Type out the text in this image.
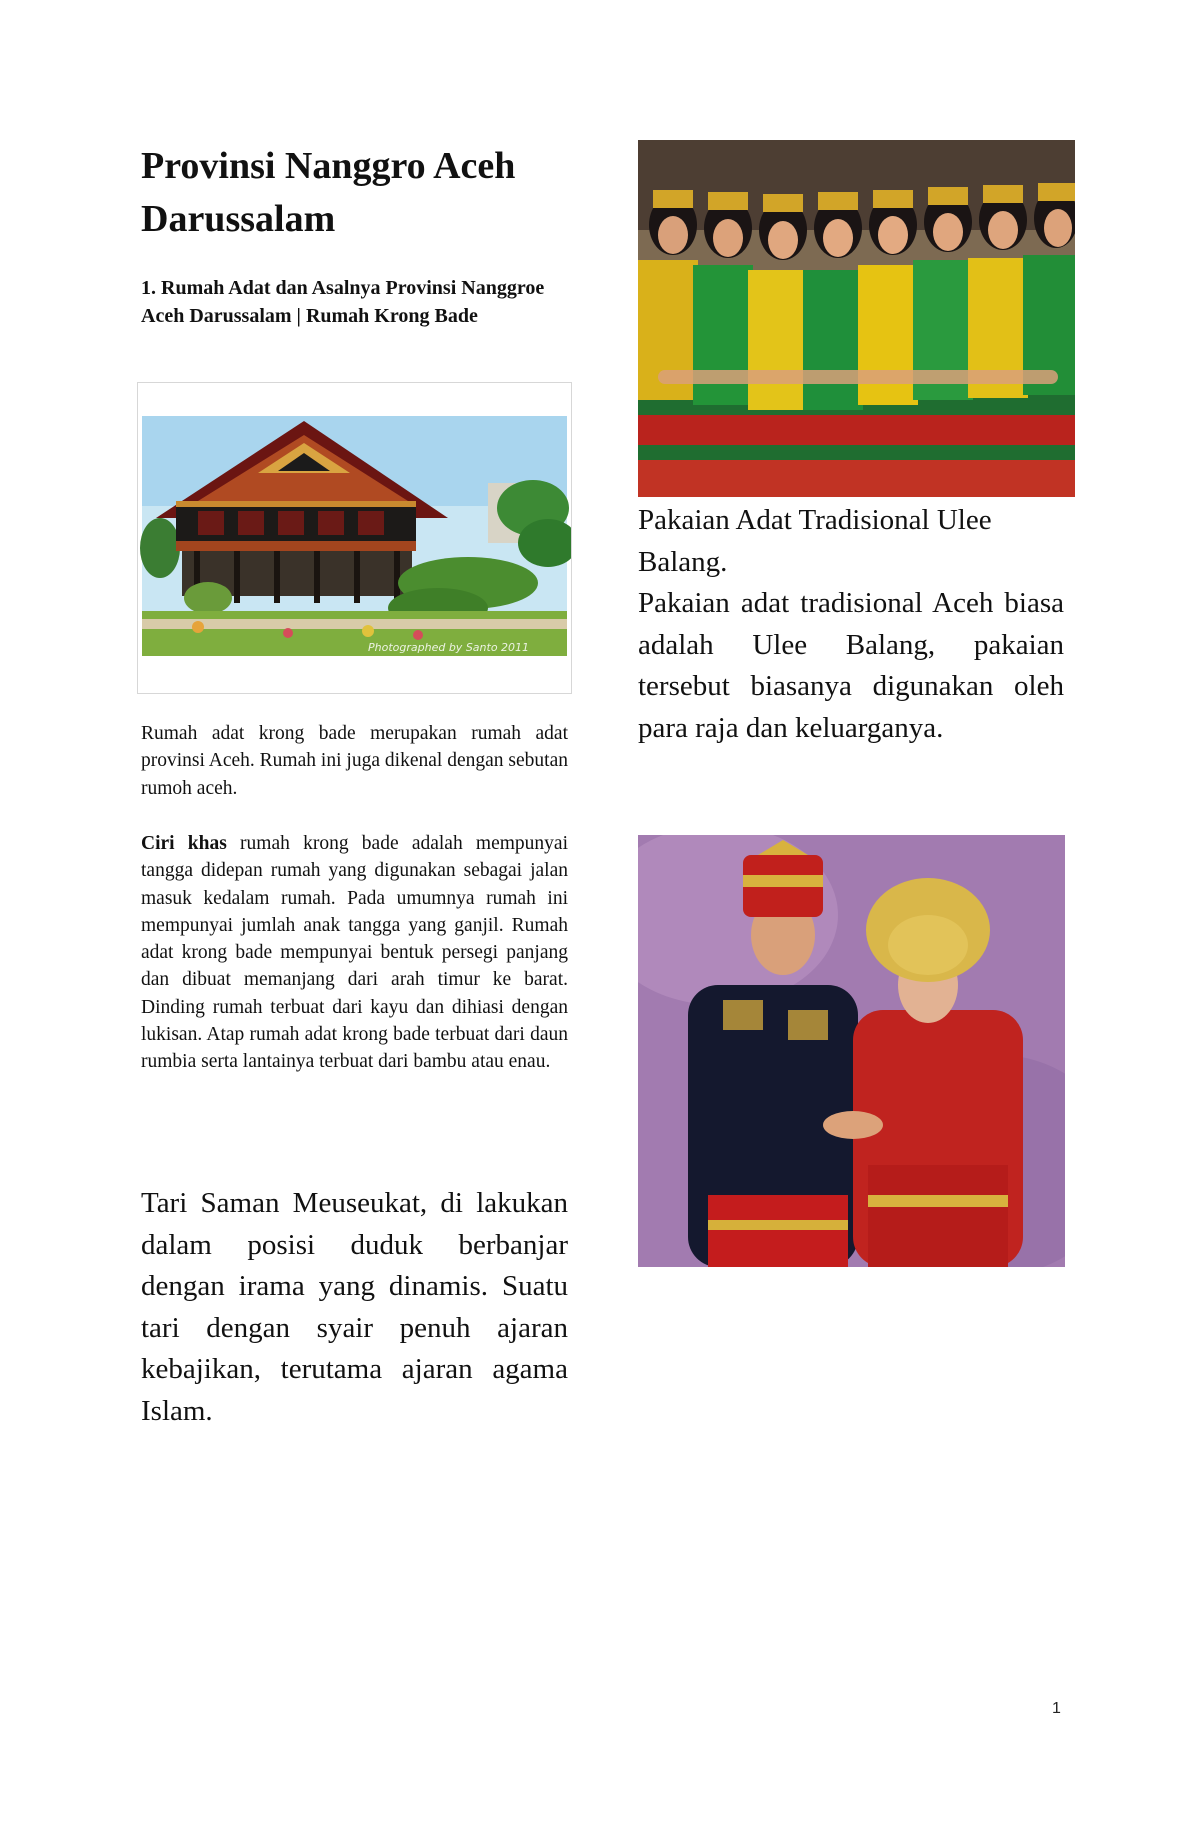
Provinsi Nanggro Aceh Darussalam

1. Rumah Adat dan Asalnya Provinsi Nanggroe Aceh Darussalam | Rumah Krong Bade

Photographed by Santo 2011

Rumah adat krong bade merupakan rumah adat provinsi Aceh. Rumah ini juga dikenal dengan sebutan rumoh aceh.

Ciri khas rumah krong bade adalah mempunyai tangga didepan rumah yang digunakan sebagai jalan masuk kedalam rumah. Pada umumnya rumah ini mempunyai jumlah anak tangga yang ganjil. Rumah adat krong bade mempunyai bentuk persegi panjang dan dibuat memanjang dari arah timur ke barat. Dinding rumah terbuat dari kayu dan dihiasi dengan lukisan. Atap rumah adat krong bade terbuat dari daun rumbia serta lantainya terbuat dari bambu atau enau.

Tari Saman Meuseukat, di lakukan dalam posisi duduk berbanjar dengan irama yang dinamis. Suatu tari dengan syair penuh ajaran kebajikan, terutama ajaran agama Islam.

Pakaian Adat Tradisional Ulee Balang.
Pakaian adat tradisional Aceh biasa adalah Ulee Balang, pakaian tersebut biasanya digunakan oleh para raja dan keluarganya.
1
